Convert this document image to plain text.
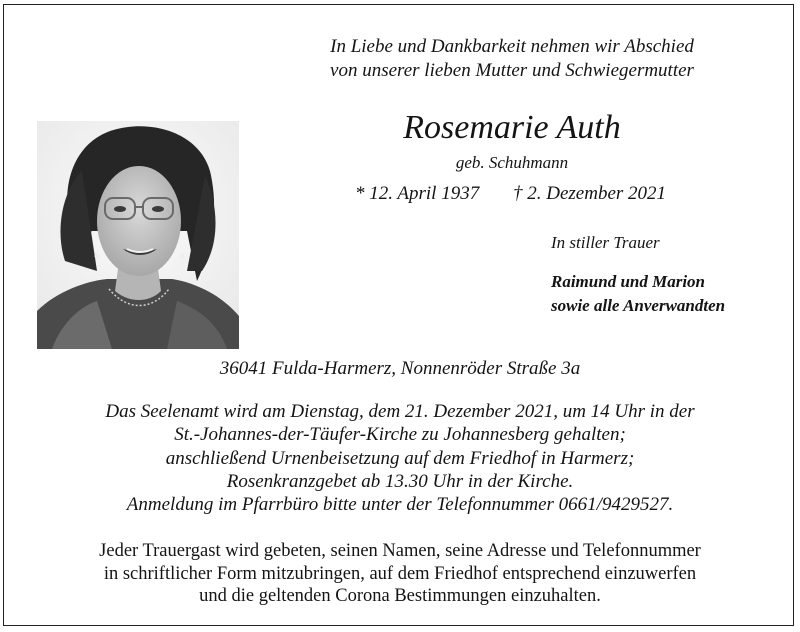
In Liebe und Dankbarkeit nehmen wir Abschied
von unserer lieben Mutter und Schwiegermutter
Rosemarie Auth
geb. Schuhmann
* 12. April 1937 † 2. Dezember 2021
In stiller Trauer
Raimund und Marion
sowie alle Anverwandten
36041 Fulda-Harmerz, Nonnenröder Straße 3a
Das Seelenamt wird am Dienstag, dem 21. Dezember 2021, um 14 Uhr in der
St.-Johannes-der-Täufer-Kirche zu Johannesberg gehalten;
anschließend Urnenbeisetzung auf dem Friedhof in Harmerz;
Rosenkranzgebet ab 13.30 Uhr in der Kirche.
Anmeldung im Pfarrbüro bitte unter der Telefonnummer 0661/9429527.
Jeder Trauergast wird gebeten, seinen Namen, seine Adresse und Telefonnummer
in schriftlicher Form mitzubringen, auf dem Friedhof entsprechend einzuwerfen
und die geltenden Corona Bestimmungen einzuhalten.
